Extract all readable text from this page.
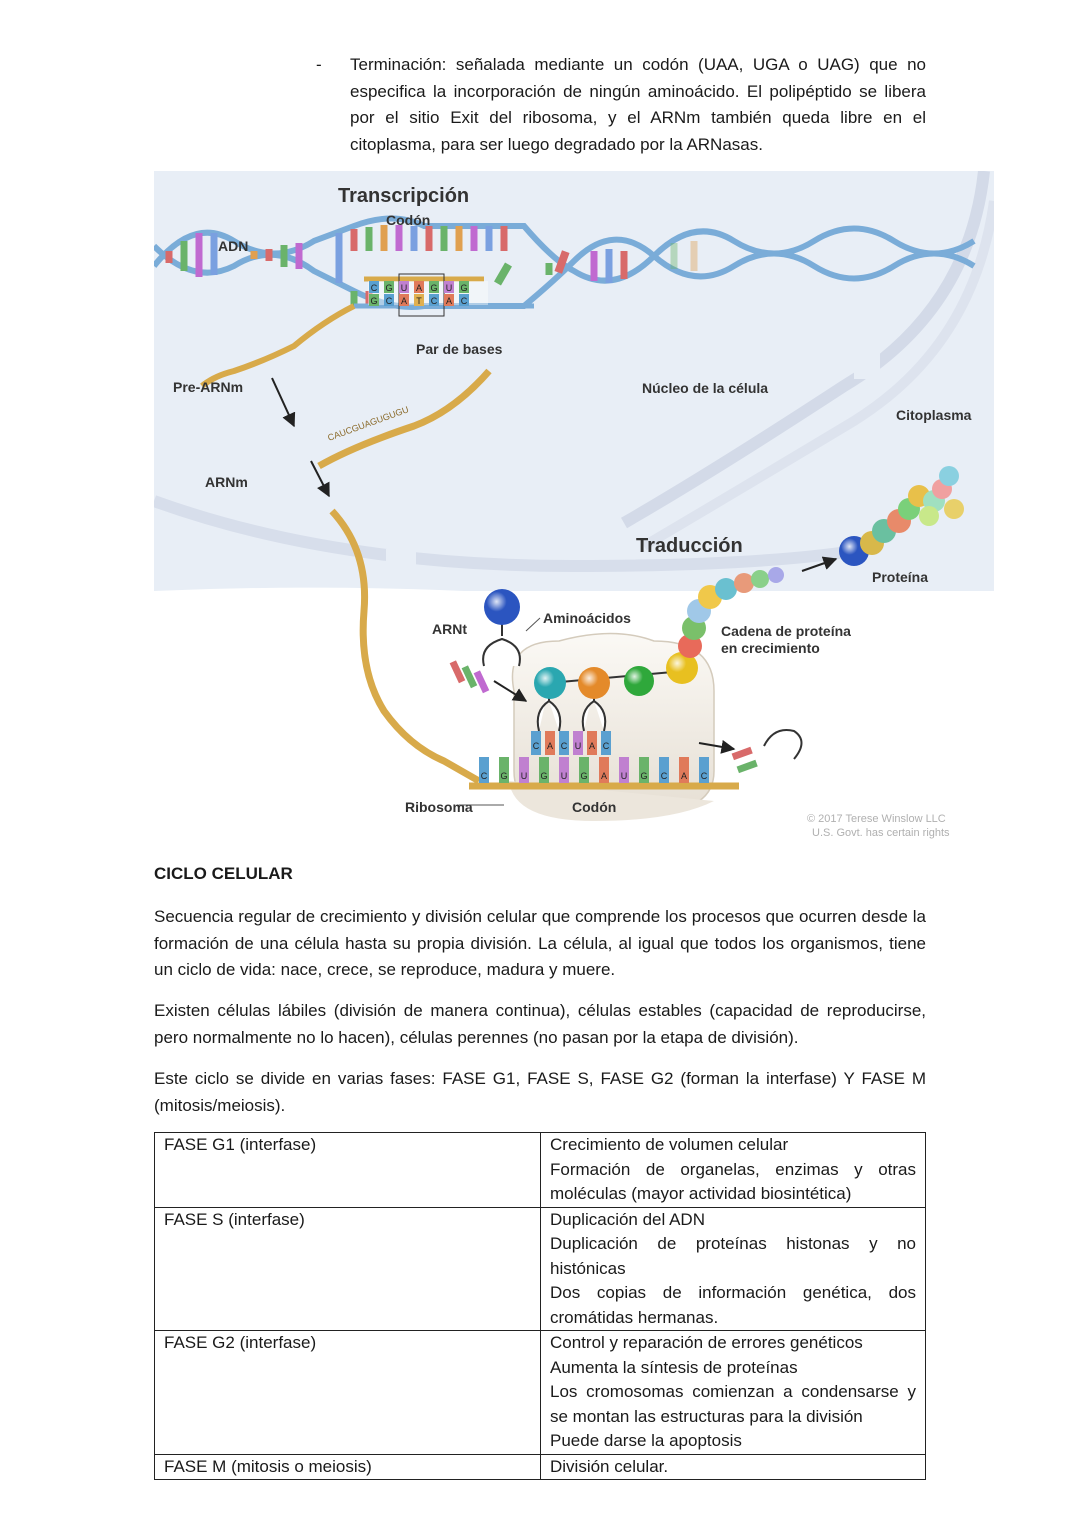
- Terminación: señalada mediante un codón (UAA, UGA o UAG) que no especifica la incorporación de ningún aminoácido. El polipéptido se libera por el sitio Exit del ribosoma, y el ARNm también queda libre en el citoplasma, para ser luego degradado por la ARNasas.
C G U A G U G
G C A T C A C
CAUCGUAGUGUGU
C G U G U G A U G C A C
C A C U A C
Transcripción
Codón
ADN
Par de bases
Pre-ARNm
ARNm
Núcleo de la célula
Citoplasma
Traducción
Proteína
Aminoácidos
ARNt	Cadena de proteína
en crecimiento
Ribosoma	Codón
© 2017 Terese Winslow LLC
U.S. Govt. has certain rights
CICLO CELULAR

Secuencia regular de crecimiento y división celular que comprende los procesos que ocurren desde la formación de una célula hasta su propia división. La célula, al igual que todos los organismos, tiene un ciclo de vida: nace, crece, se reproduce, madura y muere.

Existen células lábiles (división de manera continua), células estables (capacidad de reproducirse, pero normalmente no lo hacen), células perennes (no pasan por la etapa de división).

Este ciclo se divide en varias fases: FASE G1, FASE S, FASE G2 (forman la interfase) Y FASE M (mitosis/meiosis).

FASE G1 (interfase)	Crecimiento de volumen celular
Formación de organelas, enzimas y otras moléculas (mayor actividad biosintética)

FASE S (interfase)	Duplicación del ADN
Duplicación de proteínas histonas y no histónicas
Dos copias de información genética, dos cromátidas hermanas.

FASE G2 (interfase)	Control y reparación de errores genéticos
Aumenta la síntesis de proteínas
Los cromosomas comienzan a condensarse y se montan las estructuras para la división
Puede darse la apoptosis

FASE M (mitosis o meiosis)	División celular.
